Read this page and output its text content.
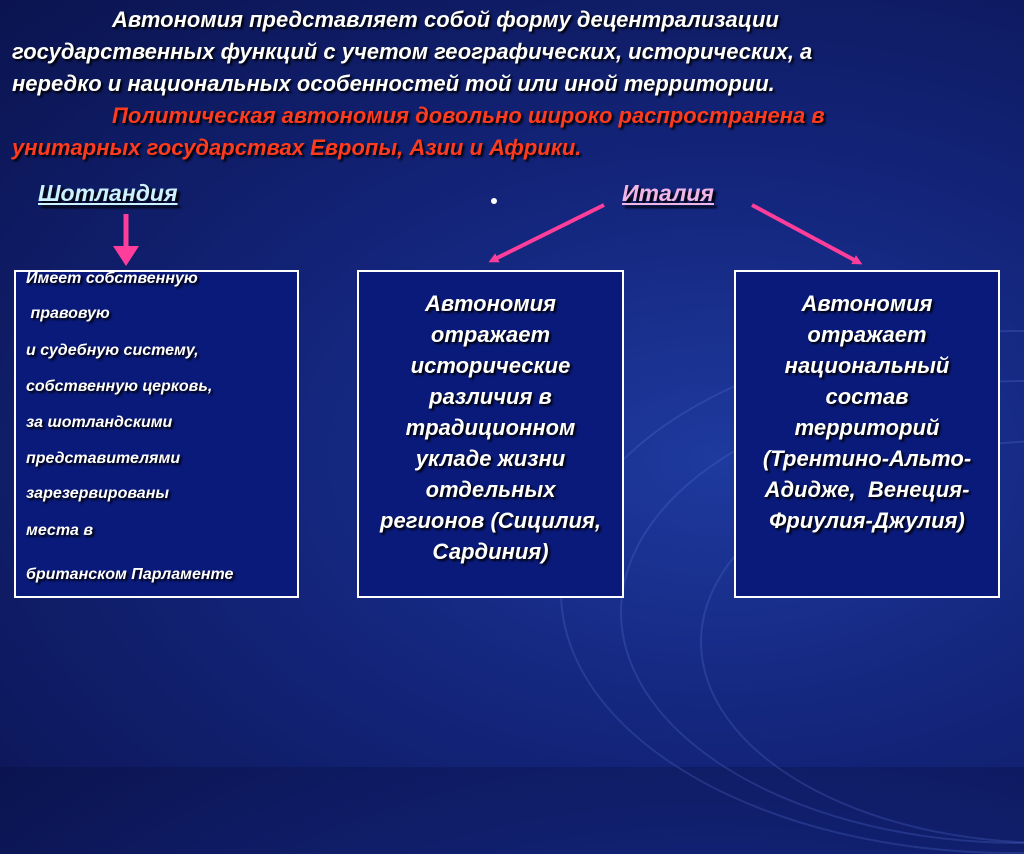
Автономия представляет собой форму децентрализации
государственных функций с учетом географических, исторических, а
нередко и национальных особенностей той или иной территории.
Политическая автономия довольно широко распространена в
унитарных государствах Европы, Азии и Африки.
Шотландия	Италия
Имеет собственную
правовую
и судебную систему,
собственную церковь,
за шотландскими
представителями
зарезервированы
места в
британском Парламенте
Автономия
отражает
исторические
различия в
традиционном
укладе жизни
отдельных
регионов (Сицилия,
Сардиния)
Автономия
отражает
национальный
состав
территорий
(Трентино-Альто-
Адидже,  Венеция-
Фриулия-Джулия)
